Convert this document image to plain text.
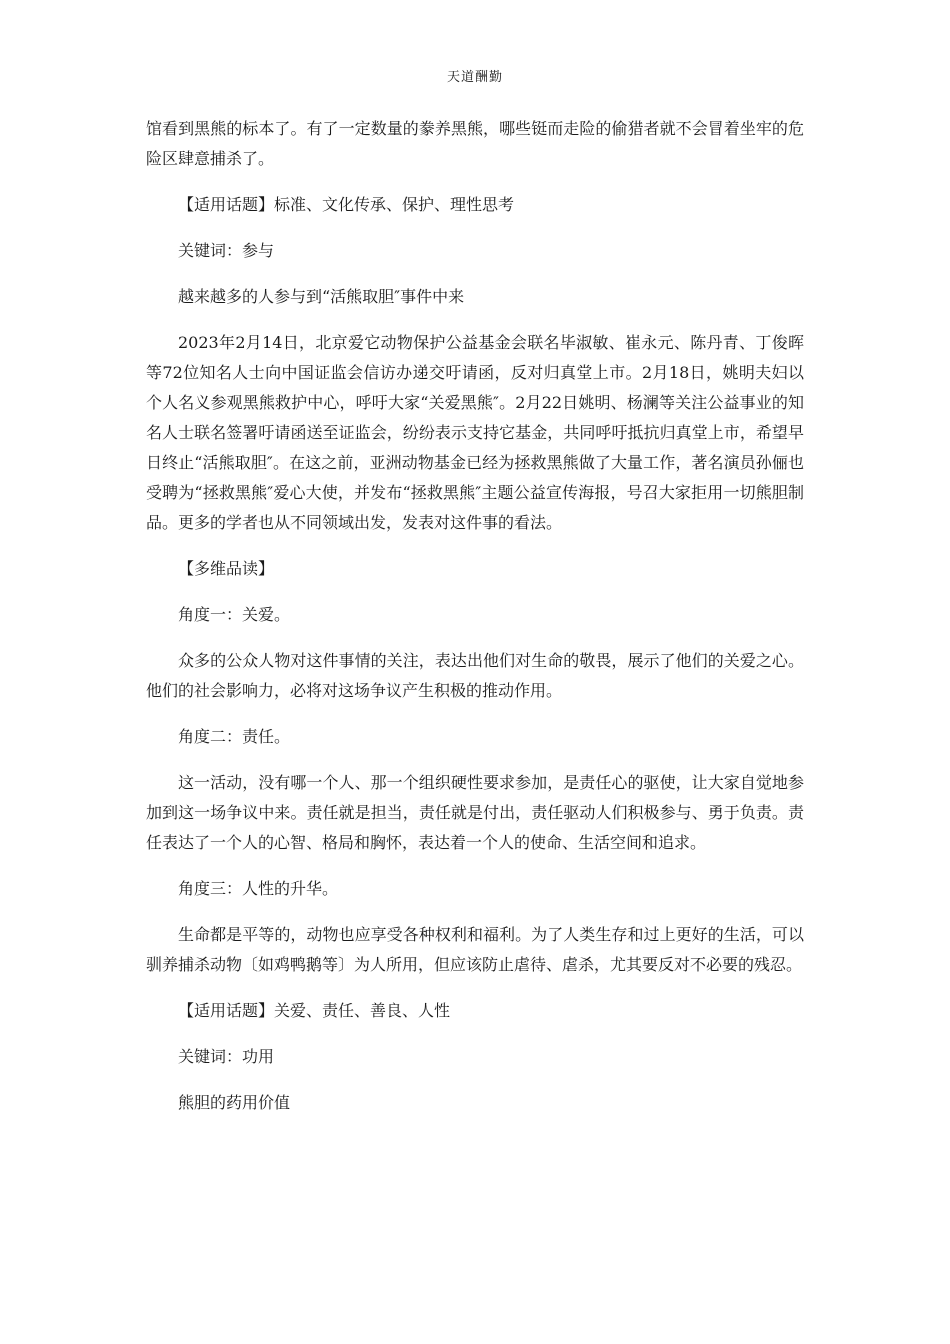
天道酬勤

馆看到黑熊的标本了。有了一定数量的豢养黑熊，哪些铤而走险的偷猎者就不会冒着坐牢的危险区肆意捕杀了。

【适用话题】标准、文化传承、保护、理性思考

关键词：参与

越来越多的人参与到“活熊取胆″事件中来

2023年2月14日，北京爱它动物保护公益基金会联名毕淑敏、崔永元、陈丹青、丁俊晖等72位知名人士向中国证监会信访办递交吁请函，反对归真堂上市。2月18日，姚明夫妇以个人名义参观黑熊救护中心，呼吁大家“关爱黑熊″。2月22日姚明、杨澜等关注公益事业的知名人士联名签署吁请函送至证监会，纷纷表示支持它基金，共同呼吁抵抗归真堂上市，希望早日终止“活熊取胆″。在这之前，亚洲动物基金已经为拯救黑熊做了大量工作，著名演员孙俪也受聘为“拯救黑熊″爱心大使，并发布“拯救黑熊″主题公益宣传海报，号召大家拒用一切熊胆制品。更多的学者也从不同领域出发，发表对这件事的看法。

【多维品读】

角度一：关爱。

众多的公众人物对这件事情的关注，表达出他们对生命的敬畏，展示了他们的关爱之心。他们的社会影响力，必将对这场争议产生积极的推动作用。

角度二：责任。

这一活动，没有哪一个人、那一个组织硬性要求参加，是责任心的驱使，让大家自觉地参加到这一场争议中来。责任就是担当，责任就是付出，责任驱动人们积极参与、勇于负责。责任表达了一个人的心智、格局和胸怀，表达着一个人的使命、生活空间和追求。

角度三：人性的升华。

生命都是平等的，动物也应享受各种权利和福利。为了人类生存和过上更好的生活，可以驯养捕杀动物〔如鸡鸭鹅等〕为人所用，但应该防止虐待、虐杀，尤其要反对不必要的残忍。

【适用话题】关爱、责任、善良、人性

关键词：功用

熊胆的药用价值
